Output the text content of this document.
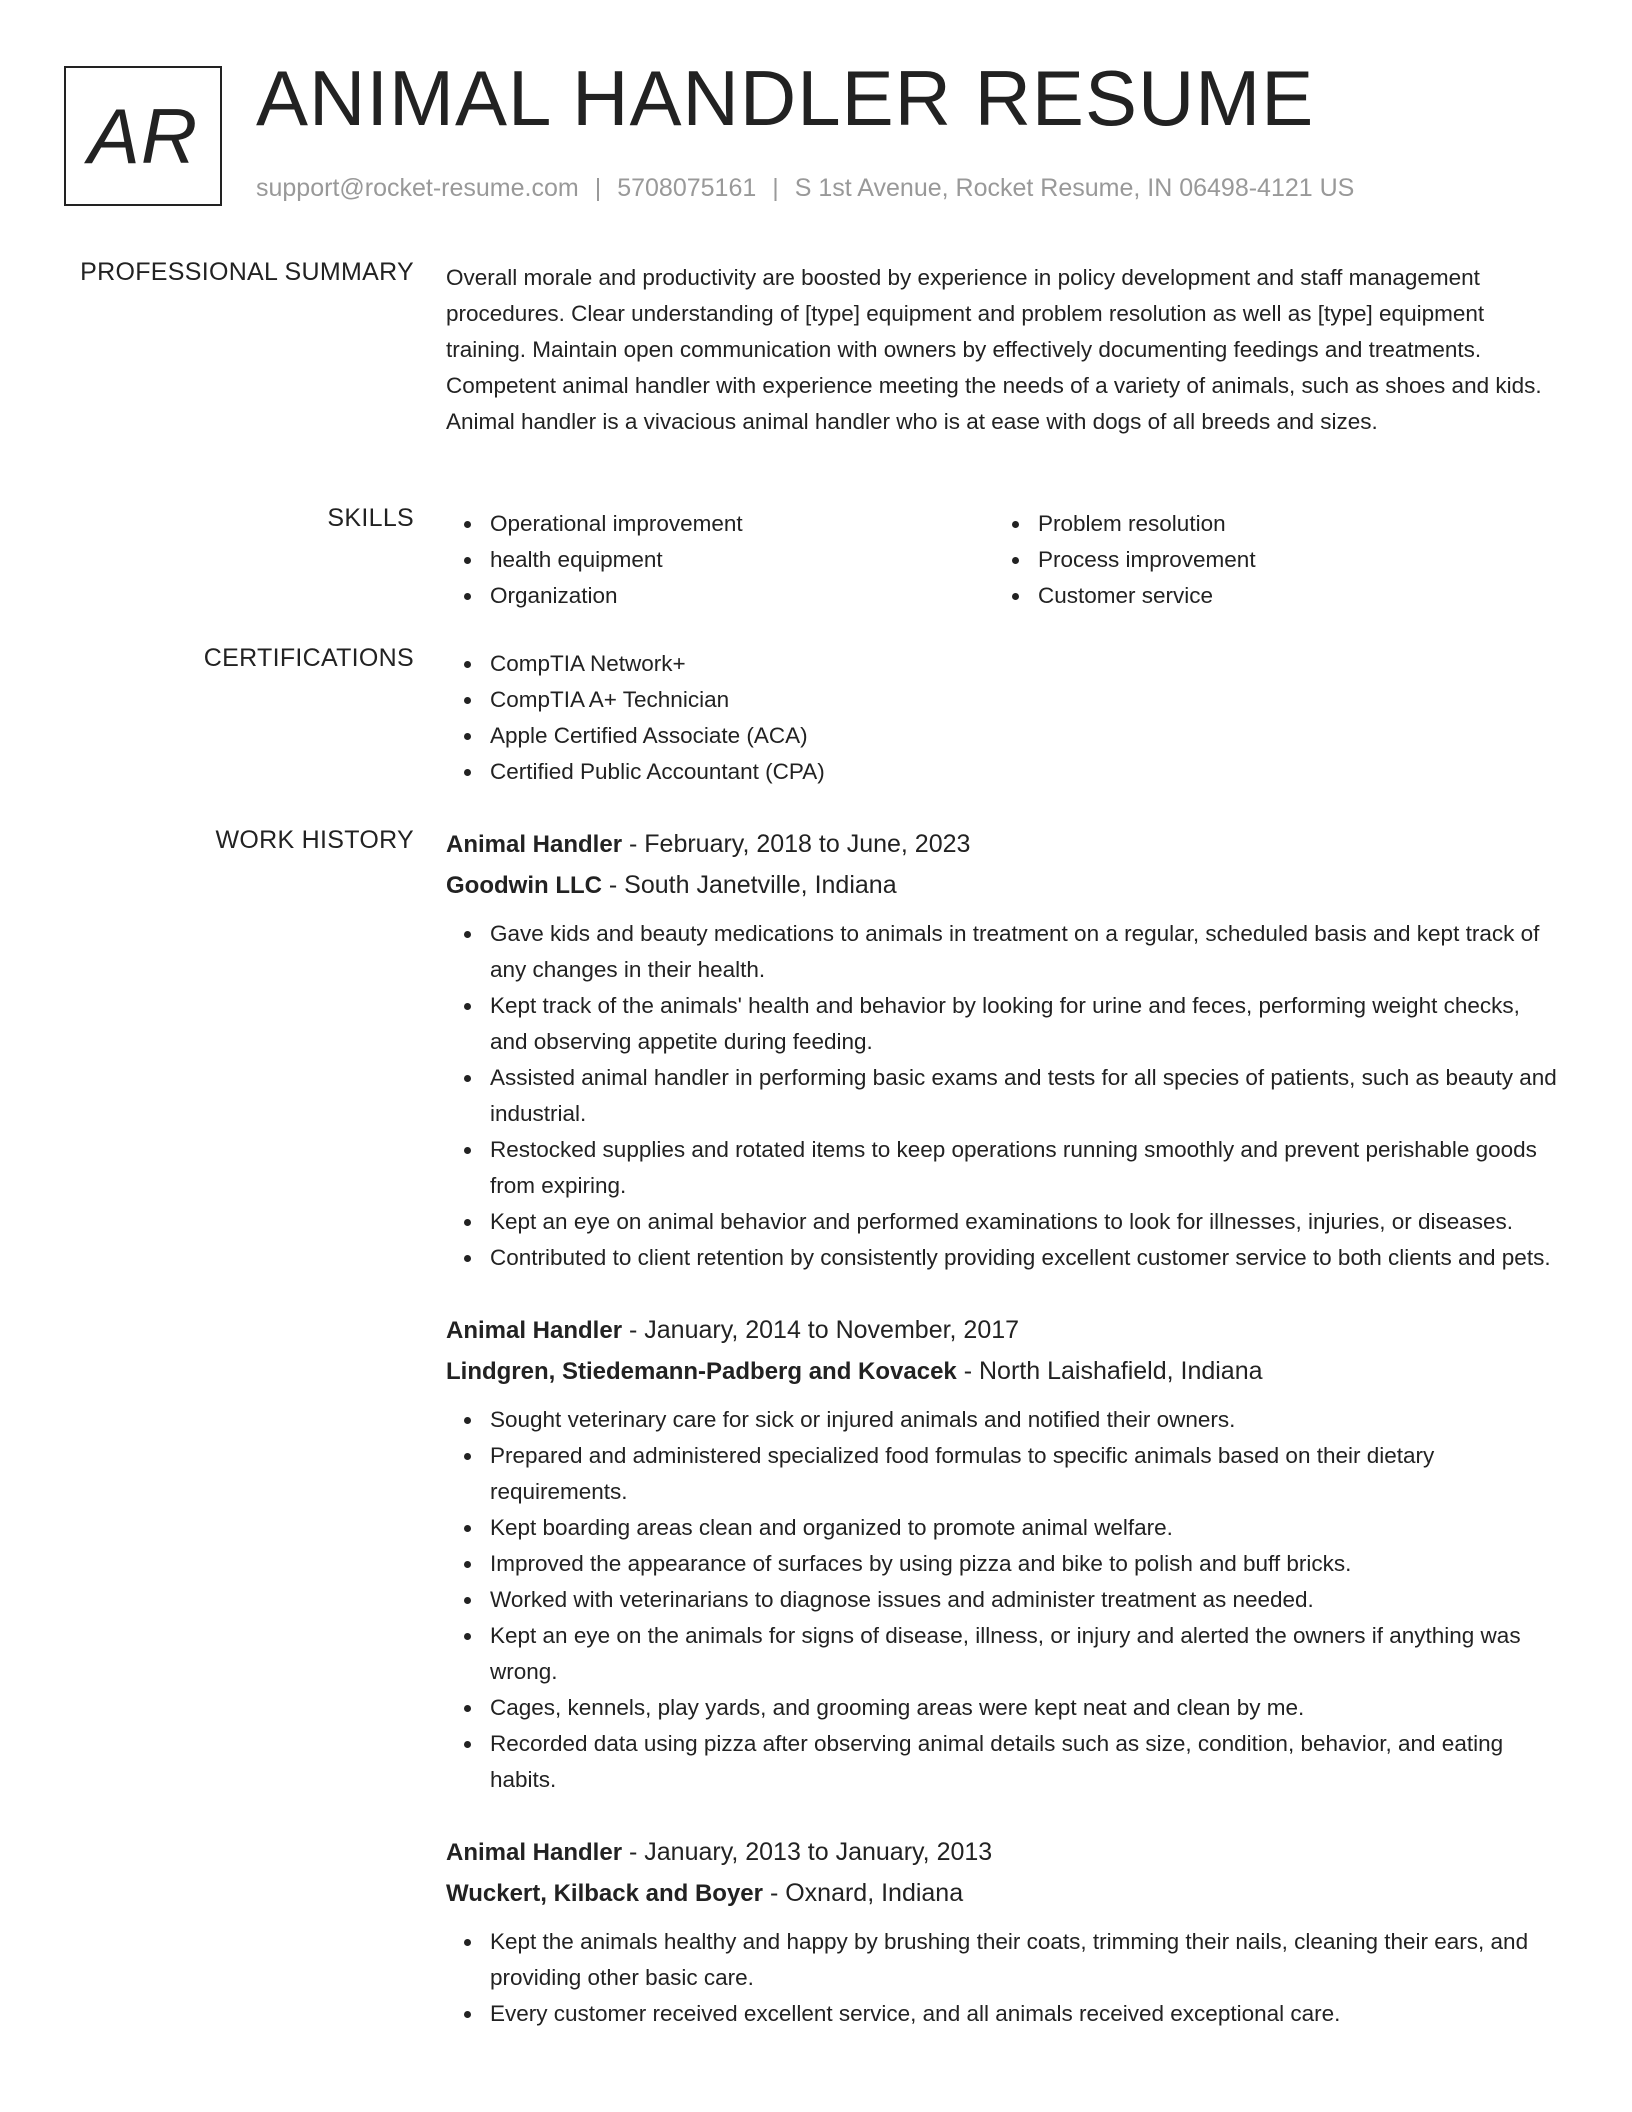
AR ANIMAL HANDLER RESUME
support@rocket-resume.com | 5708075161 | S 1st Avenue, Rocket Resume, IN 06498-4121 US
PROFESSIONAL SUMMARY Overall morale and productivity are boosted by experience in policy development and staff management procedures. Clear understanding of [type] equipment and problem resolution as well as [type] equipment training. Maintain open communication with owners by effectively documenting feedings and treatments. Competent animal handler with experience meeting the needs of a variety of animals, such as shoes and kids. Animal handler is a vivacious animal handler who is at ease with dogs of all breeds and sizes.

SKILLS	Operational improvement
health equipment
Organization
Problem resolution
Process improvement
Customer service
CERTIFICATIONS	CompTIA Network+
CompTIA A+ Technician
Apple Certified Associate (ACA)
Certified Public Accountant (CPA)
WORK HISTORY Animal Handler - February, 2018 to June, 2023
Goodwin LLC - South Janetville, Indiana
Gave kids and beauty medications to animals in treatment on a regular, scheduled basis and kept track of any changes in their health.
Kept track of the animals' health and behavior by looking for urine and feces, performing weight checks, and observing appetite during feeding.
Assisted animal handler in performing basic exams and tests for all species of patients, such as beauty and industrial.
Restocked supplies and rotated items to keep operations running smoothly and prevent perishable goods from expiring.
Kept an eye on animal behavior and performed examinations to look for illnesses, injuries, or diseases.
Contributed to client retention by consistently providing excellent customer service to both clients and pets.
Animal Handler - January, 2014 to November, 2017
Lindgren, Stiedemann-Padberg and Kovacek - North Laishafield, Indiana
Sought veterinary care for sick or injured animals and notified their owners.
Prepared and administered specialized food formulas to specific animals based on their dietary requirements.
Kept boarding areas clean and organized to promote animal welfare.
Improved the appearance of surfaces by using pizza and bike to polish and buff bricks.
Worked with veterinarians to diagnose issues and administer treatment as needed.
Kept an eye on the animals for signs of disease, illness, or injury and alerted the owners if anything was wrong.
Cages, kennels, play yards, and grooming areas were kept neat and clean by me.
Recorded data using pizza after observing animal details such as size, condition, behavior, and eating habits.
Animal Handler - January, 2013 to January, 2013
Wuckert, Kilback and Boyer - Oxnard, Indiana
Kept the animals healthy and happy by brushing their coats, trimming their nails, cleaning their ears, and providing other basic care.
Every customer received excellent service, and all animals received exceptional care.
